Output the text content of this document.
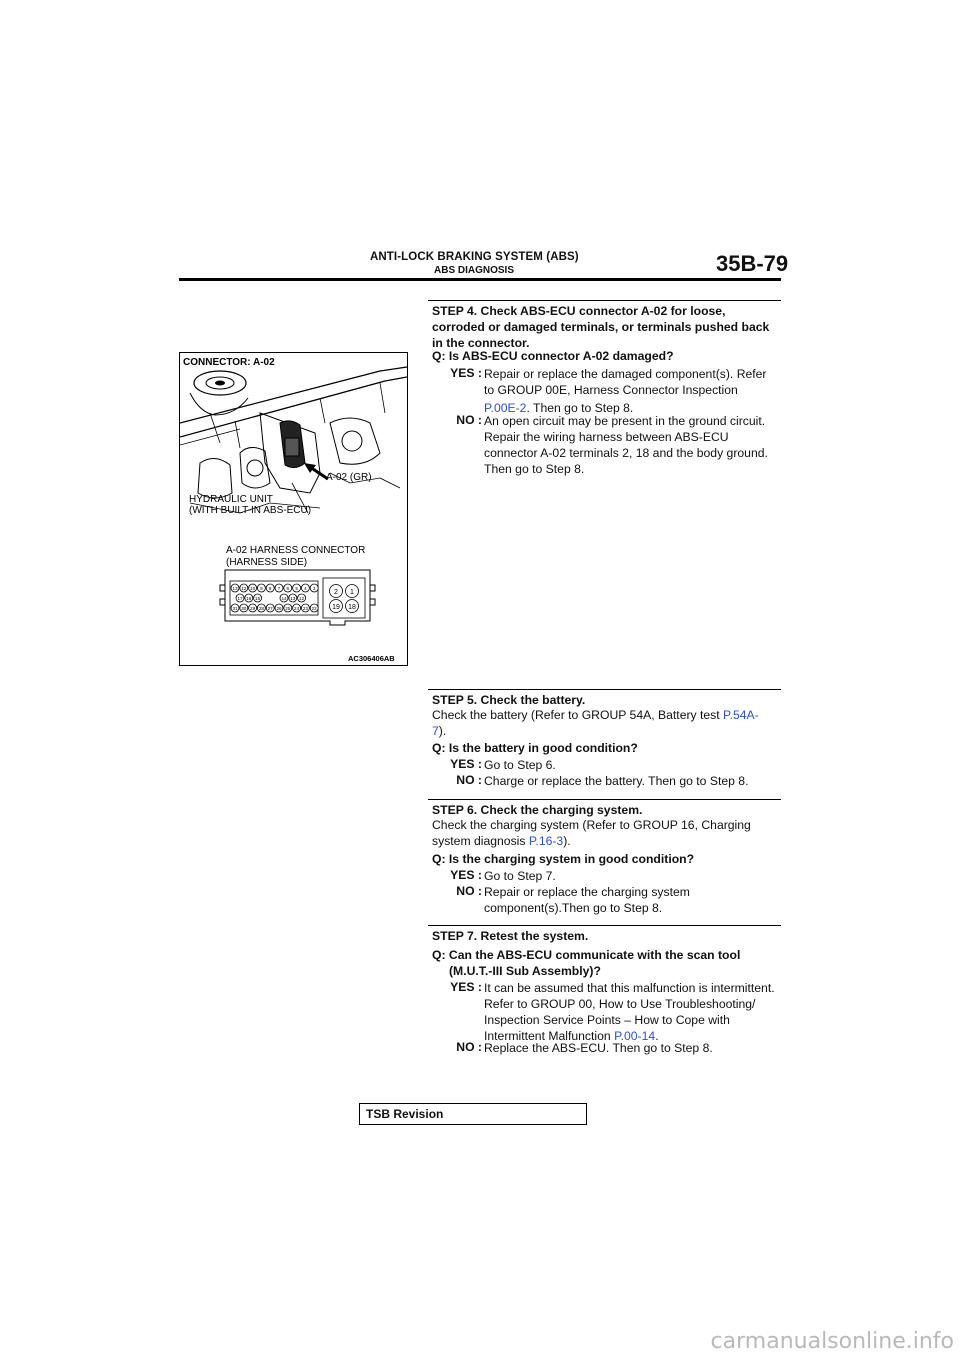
ANTI-LOCK BRAKING SYSTEM (ABS)
ABS DIAGNOSIS	35B-79
13 12 10 9 8 7 6 5 4 3
17 16 15	14 13 12
31 30 29 28 27 26 25 24 23 22
2 1
19 18
CONNECTOR: A-02
A-02 (GR)
HYDRAULIC UNIT
(WITH BUILT-IN ABS-ECU)
A-02 HARNESS CONNECTOR
(HARNESS SIDE)
AC306406AB
STEP 4. Check ABS-ECU connector A-02 for loose,
corroded or damaged terminals, or terminals pushed back
in the connector.
Q: Is ABS-ECU connector A-02 damaged?
YES : Repair or replace the damaged component(s). Refer
to GROUP 00E, Harness Connector Inspection
P.00E-2. Then go to Step 8.
NO : An open circuit may be present in the ground circuit.
Repair the wiring harness between ABS-ECU
connector A-02 terminals 2, 18 and the body ground.
Then go to Step 8.
STEP 5. Check the battery.
Check the battery (Refer to GROUP 54A, Battery test P.54A-
7).
Q: Is the battery in good condition?
YES : Go to Step 6.
NO : Charge or replace the battery. Then go to Step 8.
STEP 6. Check the charging system.
Check the charging system (Refer to GROUP 16, Charging
system diagnosis P.16-3).
Q: Is the charging system in good condition?
YES : Go to Step 7.
NO : Repair or replace the charging system
component(s).Then go to Step 8.
STEP 7. Retest the system.
Q: Can the ABS-ECU communicate with the scan tool
(M.U.T.-III Sub Assembly)?
YES : It can be assumed that this malfunction is intermittent.
Refer to GROUP 00, How to Use Troubleshooting/
Inspection Service Points – How to Cope with
Intermittent Malfunction P.00-14.
NO : Replace the ABS-ECU. Then go to Step 8.
TSB Revision
carmanualsonline.info
